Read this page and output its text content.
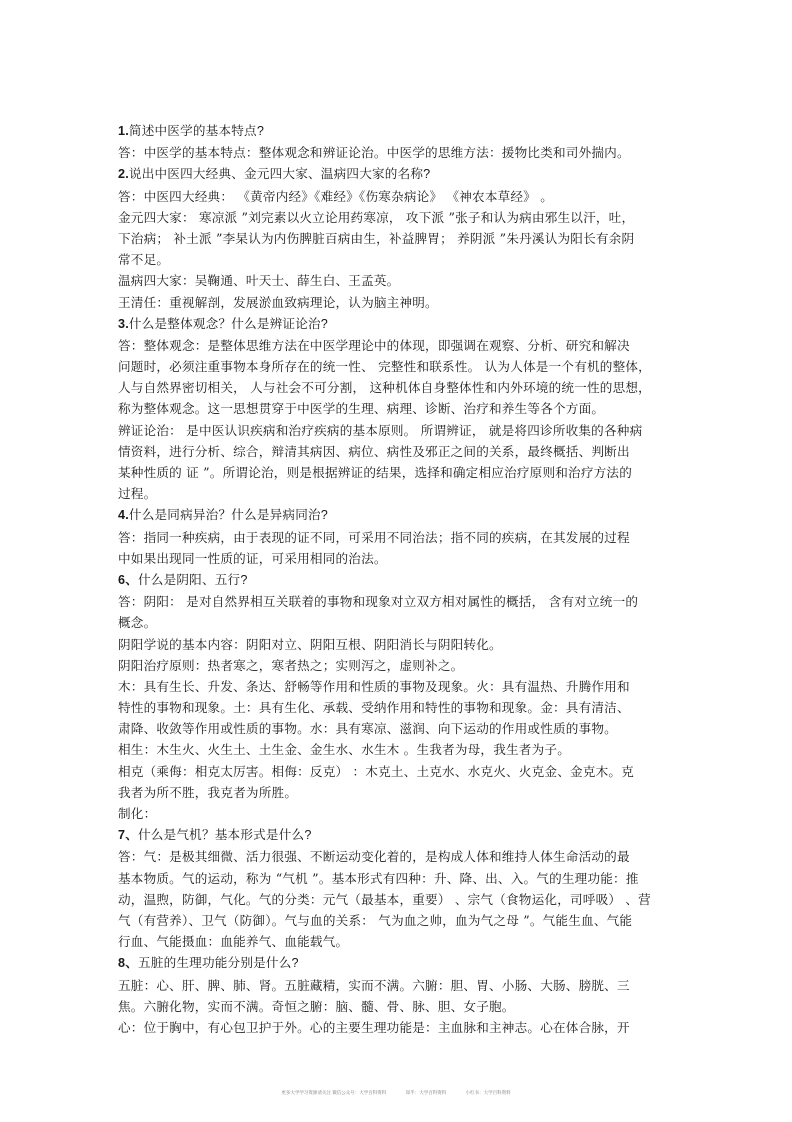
1.简述中医学的基本特点?
答：中医学的基本特点：整体观念和辨证论治。中医学的思维方法：援物比类和司外揣内。
2.说出中医四大经典、金元四大家、温病四大家的名称?
答：中医四大经典： 《黄帝内经》《难经》《伤寒杂病论》 《神农本草经》 。
金元四大家： 寒凉派 ”刘完素以火立论用药寒凉， 攻下派 ”张子和认为病由邪生以汗，吐，
下治病； 补土派 ”李杲认为内伤脾脏百病由生，补益脾胃； 养阴派 ”朱丹溪认为阳长有余阴
常不足。
温病四大家：吴鞠通、叶天士、薛生白、王孟英。
王清任：重视解剖，发展淤血致病理论，认为脑主神明。
3.什么是整体观念？什么是辨证论治?
答：整体观念：是整体思维方法在中医学理论中的体现，即强调在观察、分析、研究和解决
问题时，必须注重事物本身所存在的统一性、 完整性和联系性。 认为人体是一个有机的整体，
人与自然界密切相关， 人与社会不可分割， 这种机体自身整体性和内外环境的统一性的思想，
称为整体观念。这一思想贯穿于中医学的生理、病理、诊断、治疗和养生等各个方面。
辨证论治： 是中医认识疾病和治疗疾病的基本原则。 所谓辨证， 就是将四诊所收集的各种病
情资料，进行分析、综合，辩清其病因、病位、病性及邪正之间的关系，最终概括、判断出
某种性质的 证 ”。所谓论治，则是根据辨证的结果，选择和确定相应治疗原则和治疗方法的
过程。
4.什么是同病异治？什么是异病同治?
答：指同一种疾病，由于表现的证不同，可采用不同治法；指不同的疾病，在其发展的过程
中如果出现同一性质的证，可采用相同的治法。
6、什么是阴阳、五行?
答：阴阳： 是对自然界相互关联着的事物和现象对立双方相对属性的概括， 含有对立统一的
概念。
阴阳学说的基本内容：阴阳对立、阴阳互根、阴阳消长与阴阳转化。
阴阳治疗原则：热者寒之，寒者热之；实则泻之，虚则补之。
木：具有生长、升发、条达、舒畅等作用和性质的事物及现象。火：具有温热、升腾作用和
特性的事物和现象。土：具有生化、承载、受纳作用和特性的事物和现象。金：具有清洁、
肃降、收敛等作用或性质的事物。水：具有寒凉、滋润、向下运动的作用或性质的事物。
相生：木生火、火生土、土生金、金生水、水生木 。生我者为母，我生者为子。
相克（乘侮：相克太厉害。相侮：反克） ：木克土、土克水、水克火、火克金、金克木。克
我者为所不胜，我克者为所胜。
制化：
7、什么是气机？基本形式是什么?
答：气：是极其细微、活力很强、不断运动变化着的，是构成人体和维持人体生命活动的最
基本物质。气的运动，称为 “气机 ”。基本形式有四种：升、降、出、入。气的生理功能：推
动，温煦，防御，气化。气的分类：元气（最基本，重要） 、宗气（食物运化，司呼吸） 、营
气（有营养）、卫气（防御）。气与血的关系： 气为血之帅，血为气之母 ”。气能生血、气能
行血、气能摄血：血能养气、血能载气。
8、五脏的生理功能分别是什么?
五脏：心、肝、脾、肺、肾。五脏藏精，实而不满。六腑：胆、胃、小肠、大肠、膀胱、三
焦。六腑化物，实而不满。奇恒之腑：脑、髓、骨、脉、胆、女子胞。
心：位于胸中，有心包卫护于外。心的主要生理功能是：主血脉和主神志。心在体合脉，开
更多大学学习资源请关注 微信公众号：大学百科资料	知乎：大学百科资料	小红书：大学百科资料
